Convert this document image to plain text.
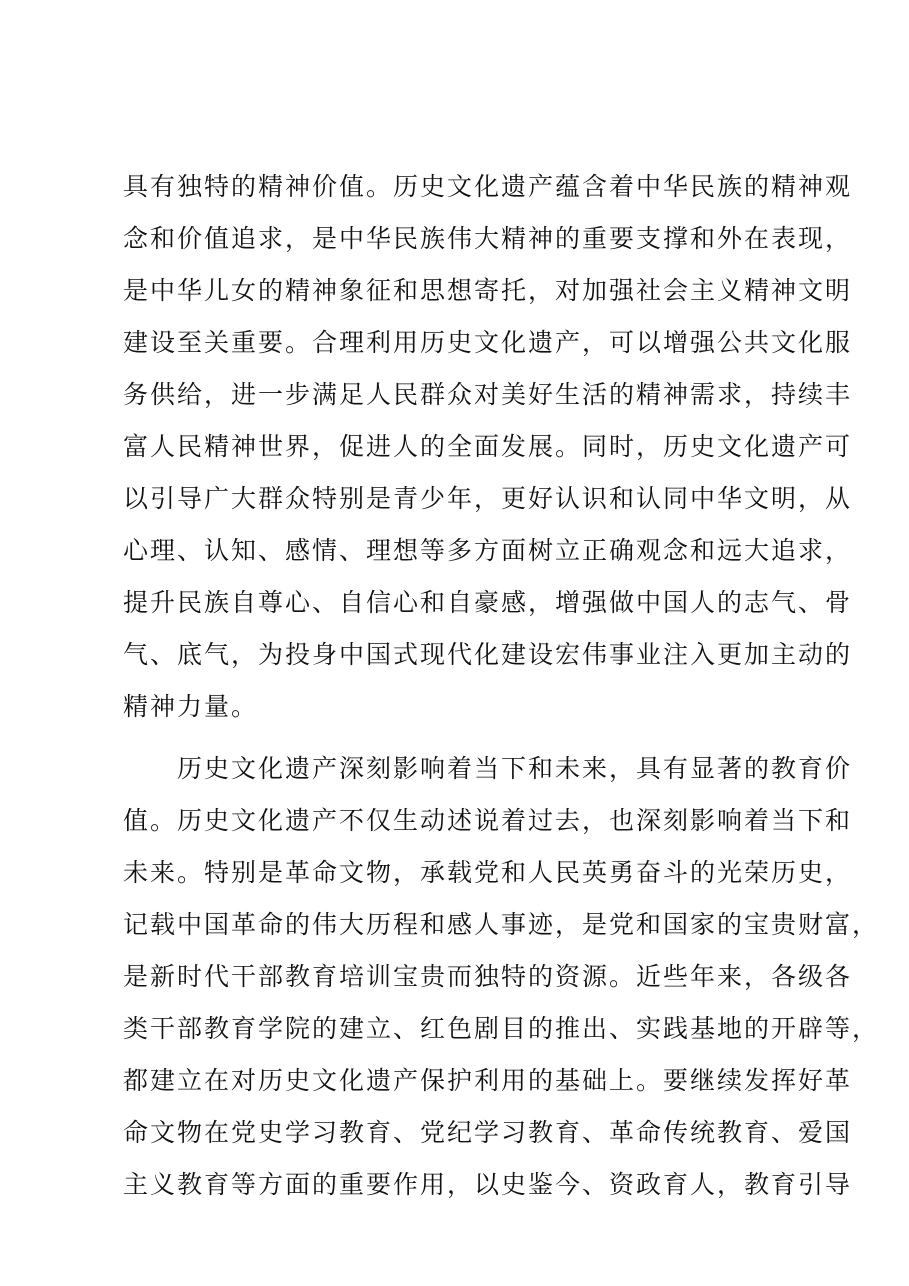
具有独特的精神价值。历史文化遗产蕴含着中华民族的精神观

念和价值追求，是中华民族伟大精神的重要支撑和外在表现，

是中华儿女的精神象征和思想寄托，对加强社会主义精神文明

建设至关重要。合理利用历史文化遗产，可以增强公共文化服

务供给，进一步满足人民群众对美好生活的精神需求，持续丰

富人民精神世界，促进人的全面发展。同时，历史文化遗产可

以引导广大群众特别是青少年，更好认识和认同中华文明，从

心理、认知、感情、理想等多方面树立正确观念和远大追求，

提升民族自尊心、自信心和自豪感，增强做中国人的志气、骨

气、底气，为投身中国式现代化建设宏伟事业注入更加主动的

精神力量。

　　历史文化遗产深刻影响着当下和未来，具有显著的教育价

值。历史文化遗产不仅生动述说着过去，也深刻影响着当下和

未来。特别是革命文物，承载党和人民英勇奋斗的光荣历史，

记载中国革命的伟大历程和感人事迹，是党和国家的宝贵财富，

是新时代干部教育培训宝贵而独特的资源。近些年来，各级各

类干部教育学院的建立、红色剧目的推出、实践基地的开辟等，

都建立在对历史文化遗产保护利用的基础上。要继续发挥好革

命文物在党史学习教育、党纪学习教育、革命传统教育、爱国

主义教育等方面的重要作用，以史鉴今、资政育人，教育引导
